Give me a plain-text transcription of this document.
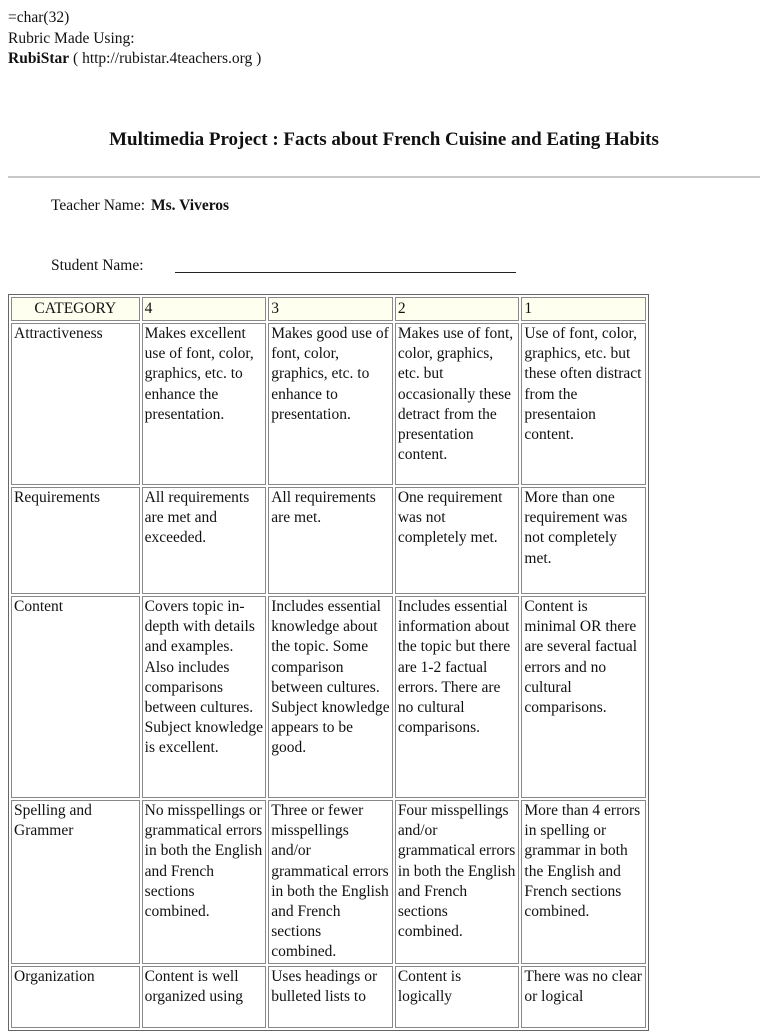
=char(32)
Rubric Made Using:
RubiStar ( http://rubistar.4teachers.org )
Multimedia Project : Facts about French Cuisine and Eating Habits
Teacher Name: Ms. Viveros
Student Name:
CATEGORY	4	3	2	1
Attractiveness	Makes excellent use of font, color, graphics, etc. to enhance the presentation.	Makes good use of font, color, graphics, etc. to enhance to presentation.	Makes use of font, color, graphics, etc. but occasionally these detract from the presentation content.	Use of font, color, graphics, etc. but these often distract from the presentaion content.
Requirements	All requirements are met and exceeded.	All requirements are met.	One requirement was not completely met.	More than one requirement was not completely met.
Content	Covers topic in-depth with details and examples. Also includes comparisons between cultures. Subject knowledge is excellent.	Includes essential knowledge about the topic. Some comparison between cultures. Subject knowledge appears to be good.	Includes essential information about the topic but there are 1-2 factual errors. There are no cultural comparisons.	Content is minimal OR there are several factual errors and no cultural comparisons.
Spelling and Grammer	No misspellings or grammatical errors in both the English and French sections combined.	Three or fewer misspellings and/or grammatical errors in both the English and French sections combined.	Four misspellings and/or grammatical errors in both the English and French sections combined.	More than 4 errors in spelling or grammar in both the English and French sections combined.
Organization	Content is well organized using	Uses headings or bulleted lists to	Content is logically	There was no clear or logical
